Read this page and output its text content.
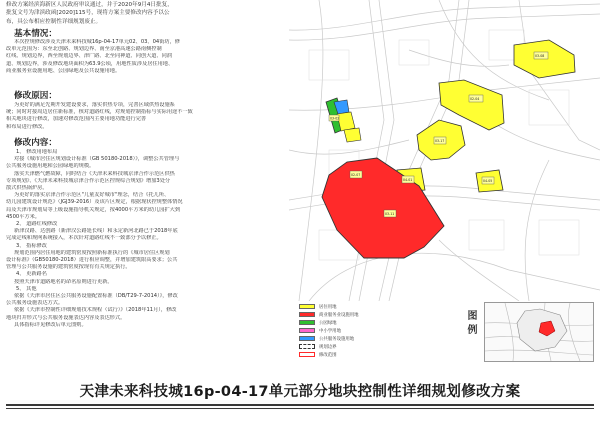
修改方案经滨海新区人民政府审议通过，并于2020年9月4日批复，
批复文号为津滨政函[2020]115号，现将方案主要修改内容予以公
布，具公布相应控制性详细规划废止。
基本情况：
本次控规修改涉及天津未来科技城16p-04-17单元02、03、04街坊，修
改单元范围为：东至北创路、规划边界、南至京港高速公路南侧控制
红线、规划边界，西至规划边界、津广路、北至同神道、同创大道、同润
道、规划边界，涉及修改地块面积为63.9公顷，用地性质涉及居住用地、
商业服务业设施用地、公园绿地及公共设施用地。
修改原因：
为更好的满足先期开发建设要求，落实供热专项，完善区域供热设施系
统；同时对接周边居住新标准，核对道路红线，对规划控制指标与实际用途不一致
相关地块进行修改，加速对修改范围内主要用地功能进行完善
和布局进行修改。
修改内容：
1、 修改用地布局
对接《城市居住区规划设计标准（GB 50180-2018）》，调整公共管理与
公共服务设施用地和公园绿地的规模。
落实天津燃气燃故障，同时结合《天津未来科技城京津合作示范区供热
专项规划》、《天津未来科技城京津合作示范区控规综合规划》增加3处分
散式供热锅炉房。
为更好的落实京津合作示范区"儿童友好城市"理念，结合《托儿所、
幼儿园建筑设计规范》（JGJ39-2016）及该片区规定，根据现状控规整体情况
局及天津市规划局等上级设施指导机关规定，按4000平方米的幼儿园扩大到
4500平方米。
2、 道路红线修改
新津汉路、达创路（新津汉公路延长线）和永定新河北路已于2018年底
完成定线和规网系统接入，本次针对道路红线不一致部分予以修正。
3、 指标修改
规划范围内居住用地的建筑密度按照新标准执行的《城市居住区规划
设计标准》（GB50180-2018）进行相应调整，并增加建筑限高要求；公共
管理与公共服务设施的建筑密度按现有有关规定执行。
4、 更新路名
按照天津市道路地名的命名原则进行更新。
5、 其他
依据《天津市居住区公共服务设施配置标准（DB/T29-7-2014）》，修改
公共服务设施表达方式。
依据《天津市控制性详细规划技术规程（试行）》（2018年11月），修改
地块归并形式与公共服务设施表达内容及表达形式。
具体指标详见修改后单元图则。
02-07
02-04
03-08
03-17
04-01	04-05
03-02
03-11
居住用地
商业服务业设施用地
公园绿地
中小学用地
公共服务设施用地
规划边界
修改范围
图例
天津未来科技城16p-04-17单元部分地块控制性详细规划修改方案
